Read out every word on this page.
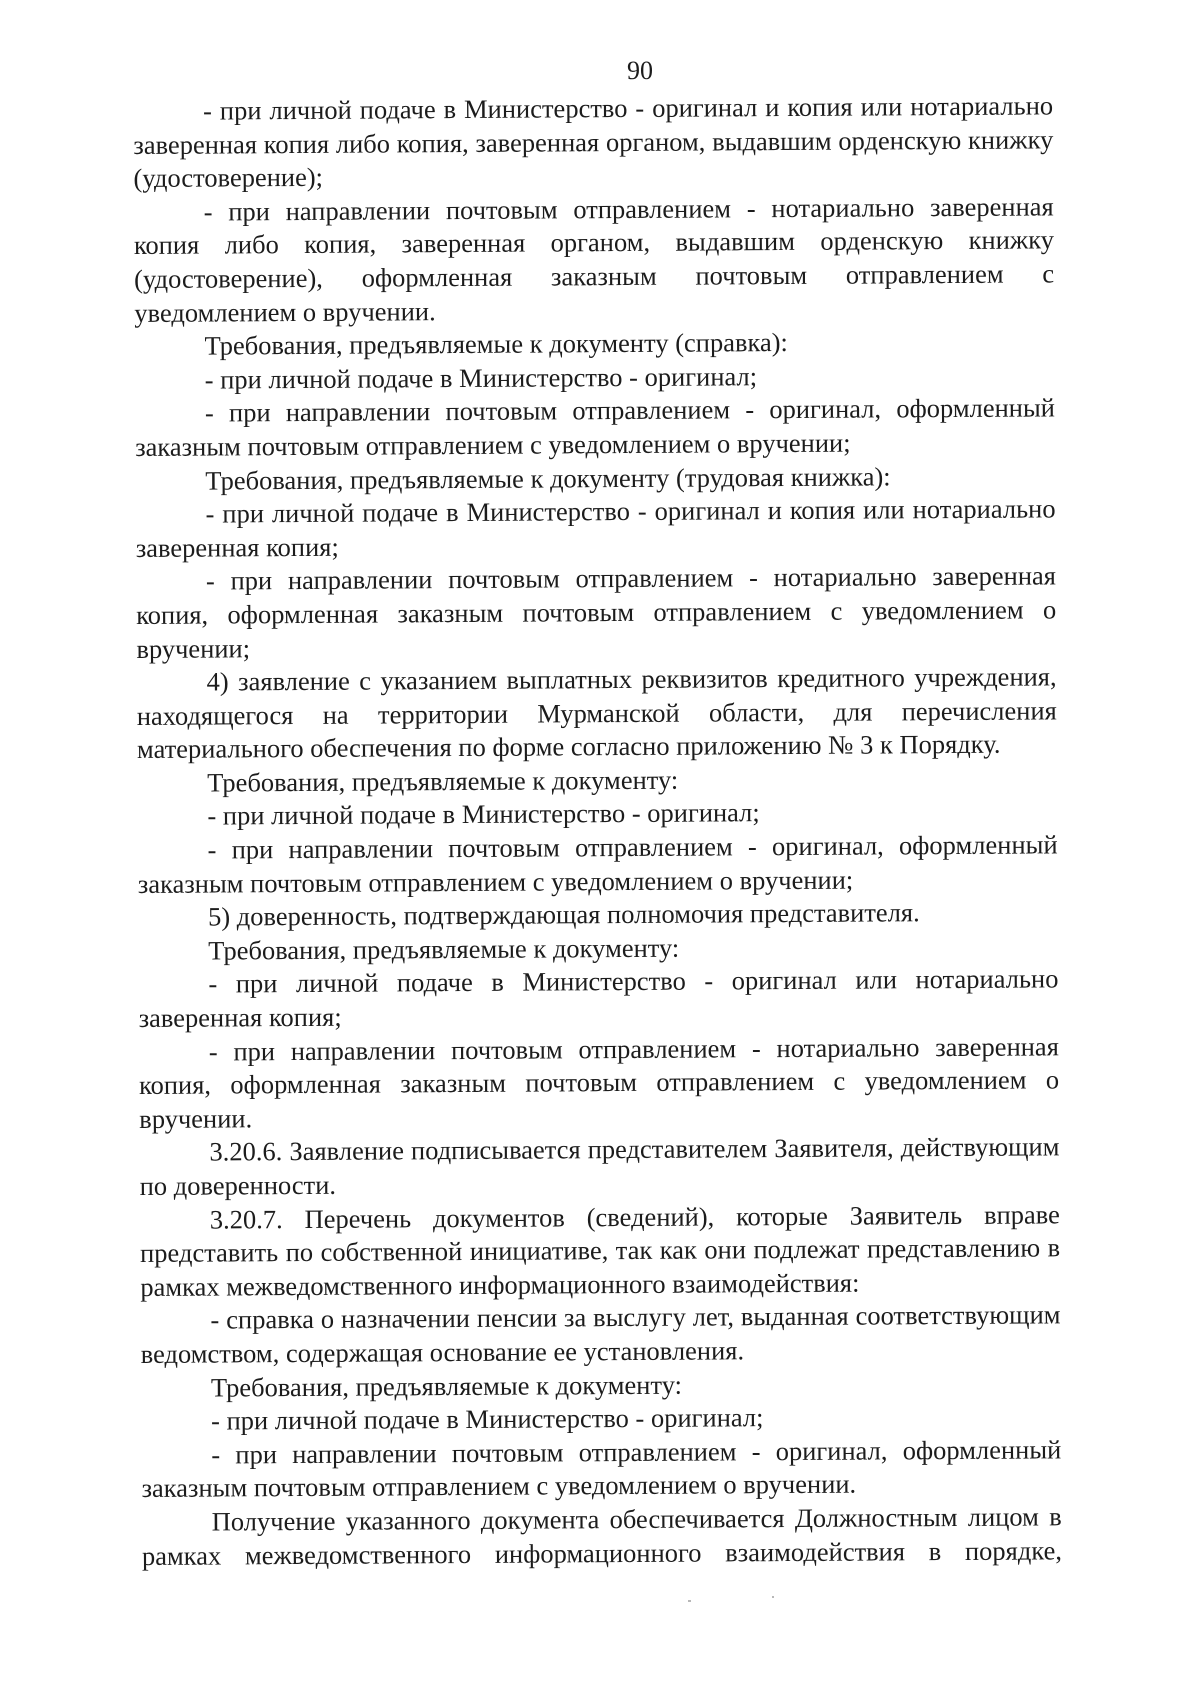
90

- при личной подаче в Министерство - оригинал и копия или нотариально заверенная копия либо копия, заверенная органом, выдавшим орденскую книжку (удостоверение);

- при направлении почтовым отправлением - нотариально заверенная копия либо копия, заверенная органом, выдавшим орденскую книжку (удостоверение), оформленная заказным почтовым отправлением с уведомлением о вручении.

Требования, предъявляемые к документу (справка):

- при личной подаче в Министерство - оригинал;

- при направлении почтовым отправлением - оригинал, оформленный заказным почтовым отправлением с уведомлением о вручении;

Требования, предъявляемые к документу (трудовая книжка):

- при личной подаче в Министерство - оригинал и копия или нотариально заверенная копия;

- при направлении почтовым отправлением - нотариально заверенная копия, оформленная заказным почтовым отправлением с уведомлением о вручении;

4) заявление с указанием выплатных реквизитов кредитного учреждения, находящегося на территории Мурманской области, для перечисления материального обеспечения по форме согласно приложению № 3 к Порядку.

Требования, предъявляемые к документу:

- при личной подаче в Министерство - оригинал;

- при направлении почтовым отправлением - оригинал, оформленный заказным почтовым отправлением с уведомлением о вручении;

5) доверенность, подтверждающая полномочия представителя.

Требования, предъявляемые к документу:

- при личной подаче в Министерство - оригинал или нотариально заверенная копия;

- при направлении почтовым отправлением - нотариально заверенная копия, оформленная заказным почтовым отправлением с уведомлением о вручении.

3.20.6. Заявление подписывается представителем Заявителя, действующим по доверенности.

3.20.7. Перечень документов (сведений), которые Заявитель вправе представить по собственной инициативе, так как они подлежат представлению в рамках межведомственного информационного взаимодействия:

- справка о назначении пенсии за выслугу лет, выданная соответствующим ведомством, содержащая основание ее установления.

Требования, предъявляемые к документу:

- при личной подаче в Министерство - оригинал;

- при направлении почтовым отправлением - оригинал, оформленный заказным почтовым отправлением с уведомлением о вручении.

Получение указанного документа обеспечивается Должностным лицом в рамках межведомственного информационного взаимодействия в порядке,
